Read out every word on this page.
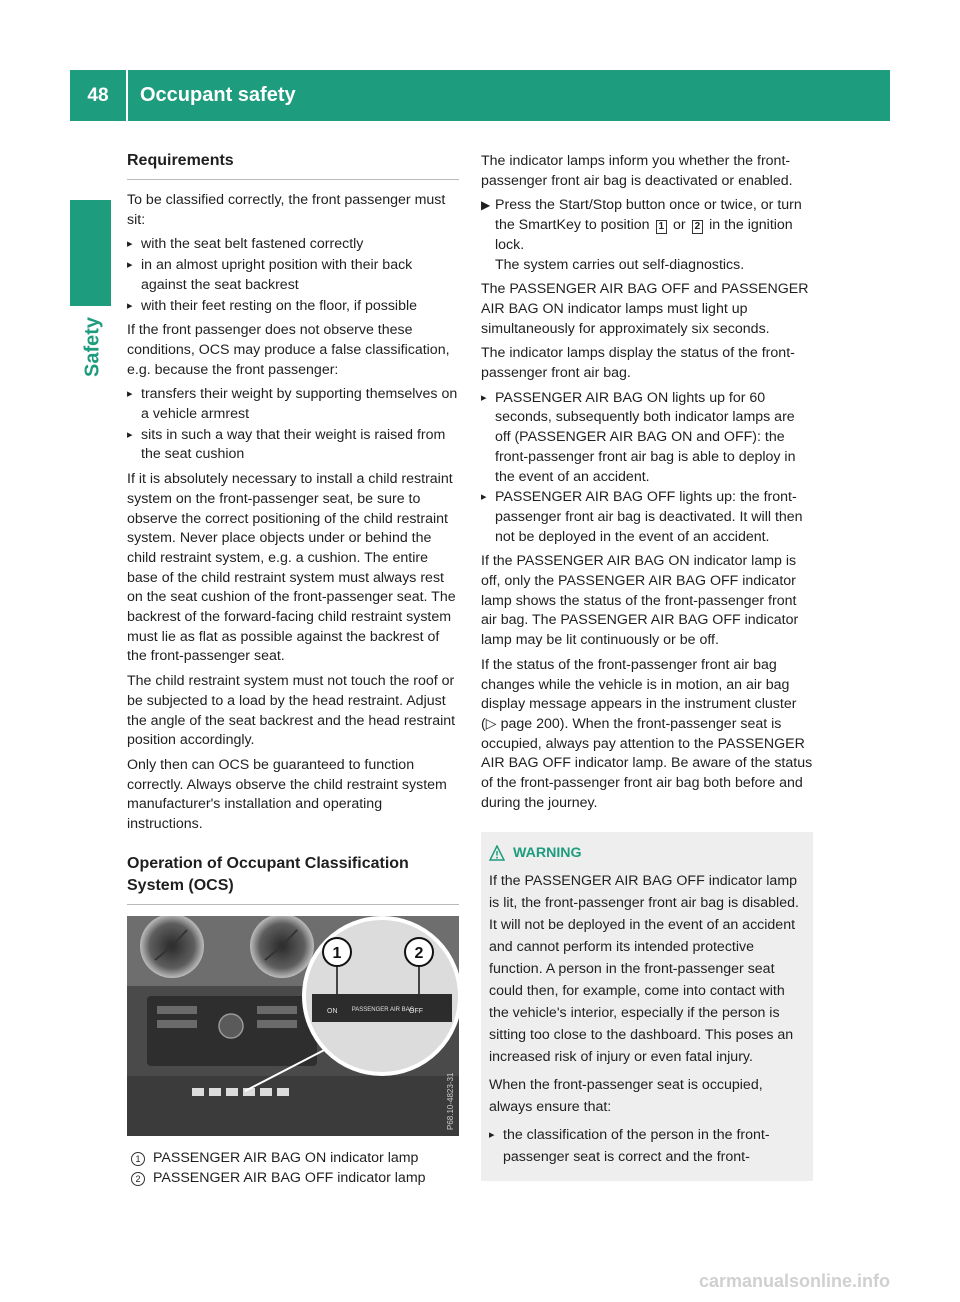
48	Occupant safety
Safety
Requirements

To be classified correctly, the front passenger must sit:

▸ with the seat belt fastened correctly
▸ in an almost upright position with their back against the seat backrest
▸ with their feet resting on the floor, if possible

If the front passenger does not observe these conditions, OCS may produce a false classification, e.g. because the front passenger:

▸ transfers their weight by supporting themselves on a vehicle armrest
▸ sits in such a way that their weight is raised from the seat cushion

If it is absolutely necessary to install a child restraint system on the front-passenger seat, be sure to observe the correct positioning of the child restraint system. Never place objects under or behind the child restraint system, e.g. a cushion. The entire base of the child restraint system must always rest on the seat cushion of the front-passenger seat. The backrest of the forward-facing child restraint system must lie as flat as possible against the backrest of the front-passenger seat.

The child restraint system must not touch the roof or be subjected to a load by the head restraint. Adjust the angle of the seat backrest and the head restraint position accordingly.

Only then can OCS be guaranteed to function correctly. Always observe the child restraint system manufacturer's installation and operating instructions.

Operation of Occupant Classification System (OCS)
1	2
ON PASSENGER AIR BAG
OFF
P68.10-4823-31
1 PASSENGER AIR BAG ON indicator lamp
2 PASSENGER AIR BAG OFF indicator lamp

The indicator lamps inform you whether the front-passenger front air bag is deactivated or enabled.

▶ Press the Start/Stop button once or twice, or turn the SmartKey to position 1 or 2 in the ignition lock.
The system carries out self-diagnostics.

The PASSENGER AIR BAG OFF and PASSENGER AIR BAG ON indicator lamps must light up simultaneously for approximately six seconds.

The indicator lamps display the status of the front-passenger front air bag.

▸ PASSENGER AIR BAG ON lights up for 60 seconds, subsequently both indicator lamps are off (PASSENGER AIR BAG ON and OFF): the front-passenger front air bag is able to deploy in the event of an accident.
▸ PASSENGER AIR BAG OFF lights up: the front-passenger front air bag is deactivated. It will then not be deployed in the event of an accident.

If the PASSENGER AIR BAG ON indicator lamp is off, only the PASSENGER AIR BAG OFF indicator lamp shows the status of the front-passenger front air bag. The PASSENGER AIR BAG OFF indicator lamp may be lit continuously or be off.

If the status of the front-passenger front air bag changes while the vehicle is in motion, an air bag display message appears in the instrument cluster (▷ page 200). When the front-passenger seat is occupied, always pay attention to the PASSENGER AIR BAG OFF indicator lamp. Be aware of the status of the front-passenger front air bag both before and during the journey.

WARNING

If the PASSENGER AIR BAG OFF indicator lamp is lit, the front-passenger front air bag is disabled. It will not be deployed in the event of an accident and cannot perform its intended protective function. A person in the front-passenger seat could then, for example, come into contact with the vehicle's interior, especially if the person is sitting too close to the dashboard. This poses an increased risk of injury or even fatal injury.

When the front-passenger seat is occupied, always ensure that:

▸ the classification of the person in the front-passenger seat is correct and the front-
carmanualsonline.info
